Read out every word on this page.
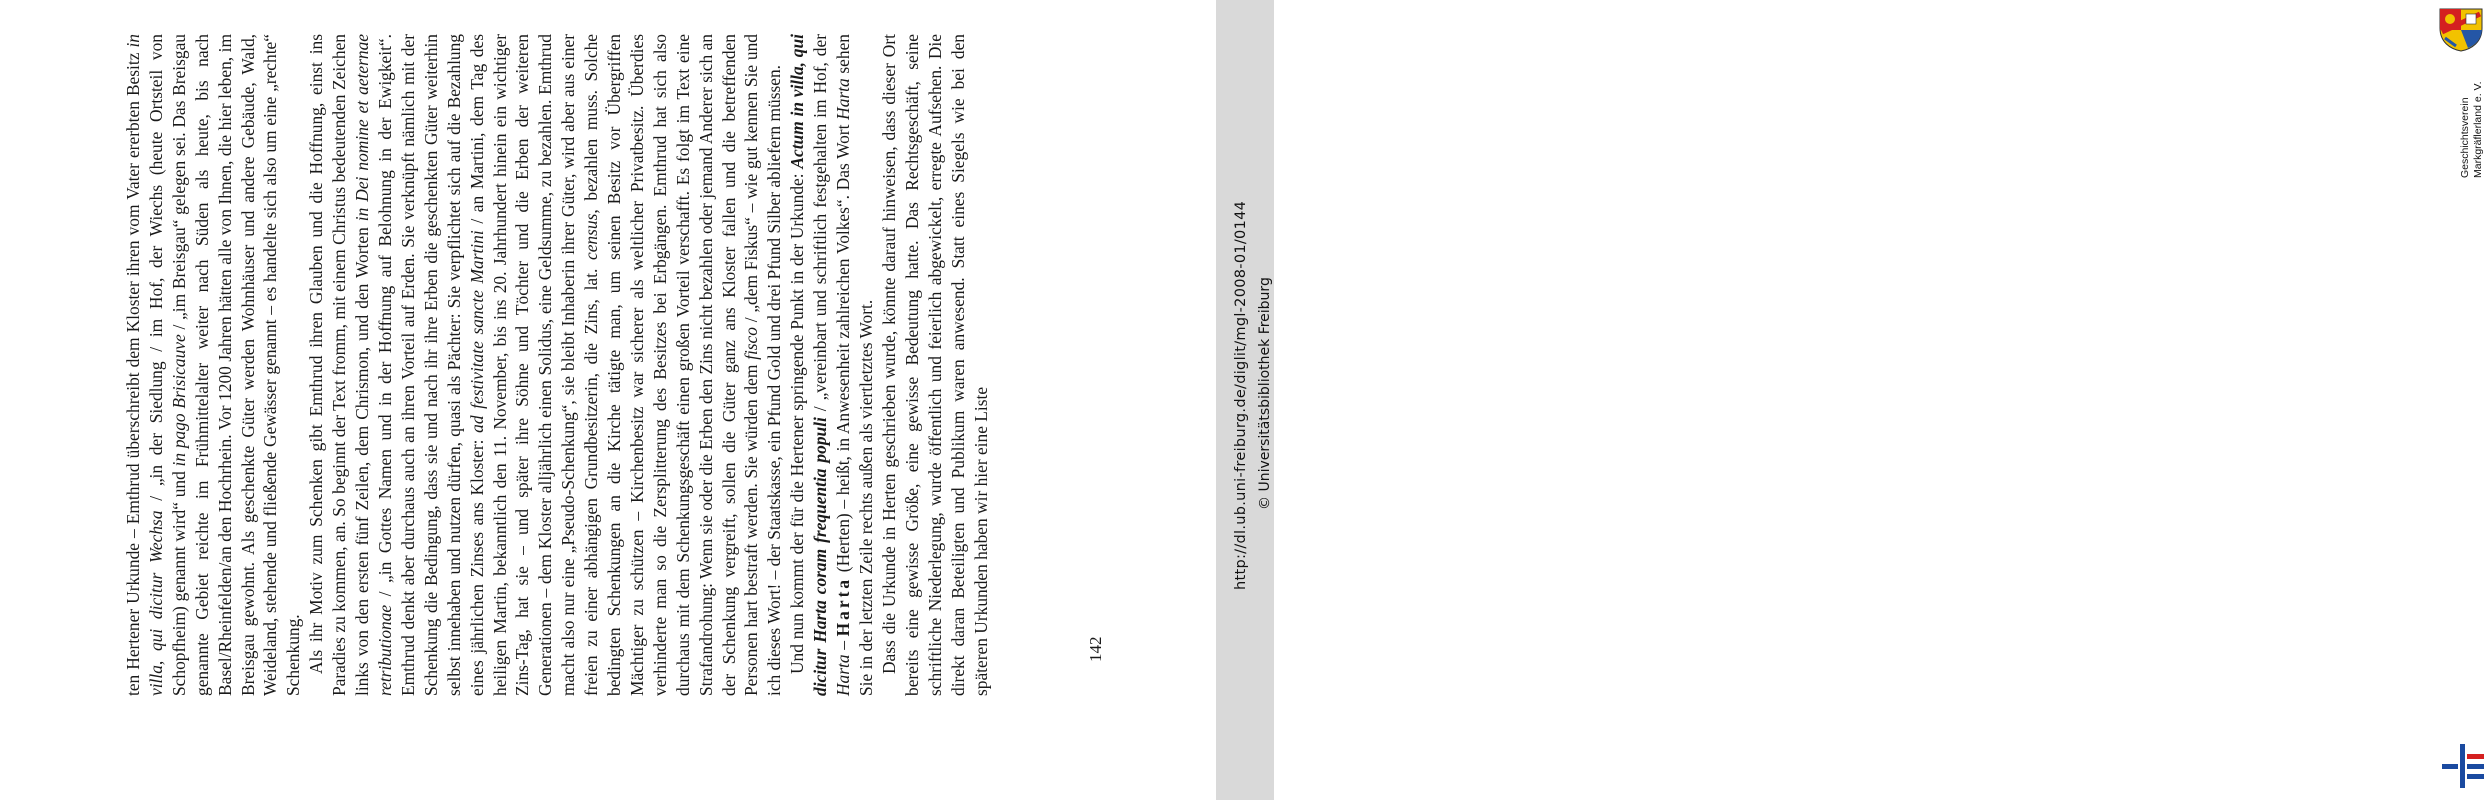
ten Hertener Urkunde – Emthrud überschreibt dem Kloster ihren vom Vater ererbten Besitz in villa, qui dicitur Wechsa / „in der Siedlung / im Hof, der Wiechs (heute Ortsteil von Schopfheim) genannt wird“ und in pago Brisicauve / „im Breisgau“ gelegen sei. Das Breisgau genannte Gebiet reichte im Frühmittelalter weiter nach Süden als heute, bis nach Basel/Rheinfelden/an den Hochrhein. Vor 1200 Jahren hätten alle von Ihnen, die hier leben, im Breisgau gewohnt. Als geschenkte Güter werden Wohnhäuser und andere Gebäude, Wald, Weideland, stehende und fließende Gewässer genannt – es handelte sich also um eine „rechte“ Schenkung. Als ihr Motiv zum Schenken gibt Emthrud ihren Glauben und die Hoffnung, einst ins Paradies zu kommen, an. So beginnt der Text fromm, mit einem Christus bedeutenden Zeichen links von den ersten fünf Zeilen, dem Chrismon, und den Worten in Dei nomine et aeternae retributionae / „in Gottes Namen und in der Hoffnung auf Belohnung in der Ewigkeit“. Emthrud denkt aber durchaus auch an ihren Vorteil auf Erden. Sie verknüpft nämlich mit der Schenkung die Bedingung, dass sie und nach ihr ihre Erben die geschenkten Güter weiterhin selbst innehaben und nutzen dürfen, quasi als Pächter: Sie verpflichtet sich auf die Bezahlung eines jährlichen Zinses ans Kloster: ad festivitate sancte Martini / an Martini, dem Tag des heiligen Martin, bekanntlich den 11. November, bis ins 20. Jahrhundert hinein ein wichtiger Zins-Tag, hat sie – und später ihre Söhne und Töchter und die Erben der weiteren Generationen – dem Kloster alljährlich einen Solidus, eine Geldsumme, zu bezahlen. Emthrud macht also nur eine „Pseudo-Schenkung“, sie bleibt Inhaberin ihrer Güter, wird aber aus einer freien zu einer abhängigen Grundbesitzerin, die Zins, lat. census, bezahlen muss. Solche bedingten Schenkungen an die Kirche tätigte man, um seinen Besitz vor Übergriffen Mächtiger zu schützen – Kirchenbesitz war sicherer als weltlicher Privatbesitz. Überdies verhinderte man so die Zersplitterung des Besitzes bei Erbgängen. Emthrud hat sich also durchaus mit dem Schenkungsgeschäft einen großen Vorteil verschafft. Es folgt im Text eine Strafandrohung: Wenn sie oder die Erben den Zins nicht bezahlen oder jemand Anderer sich an der Schenkung vergreift, sollen die Güter ganz ans Kloster fallen und die betreffenden Personen hart bestraft werden. Sie würden dem fisco / „dem Fiskus“ – wie gut kennen Sie und ich dieses Wort! – der Staatskasse, ein Pfund Gold und drei Pfund Silber abliefern müssen. Und nun kommt der für die Hertener springende Punkt in der Urkunde: Actum in villa, qui dicitur Harta coram frequentia populi / „vereinbart und schriftlich festgehalten im Hof, der Harta – Harta (Herten) – heißt, in Anwesenheit zahlreichen Volkes“. Das Wort Harta sehen Sie in der letzten Zeile rechts außen als viertletztes Wort. Dass die Urkunde in Herten geschrieben wurde, könnte darauf hinweisen, dass dieser Ort bereits eine gewisse Größe, eine gewisse Bedeutung hatte. Das Rechtsgeschäft, seine schriftliche Niederlegung, wurde öffentlich und feierlich abgewickelt, erregte Aufsehen. Die direkt daran Beteiligten und Publikum waren anwesend. Statt eines Siegels wie bei den späteren Urkunden haben wir hier eine Liste	142
Geschichtsverein Markgräflerland e. V.
http://dl.ub.uni-freiburg.de/diglit/mgl-2008-01/0144 © Universitätsbibliothek Freiburg
